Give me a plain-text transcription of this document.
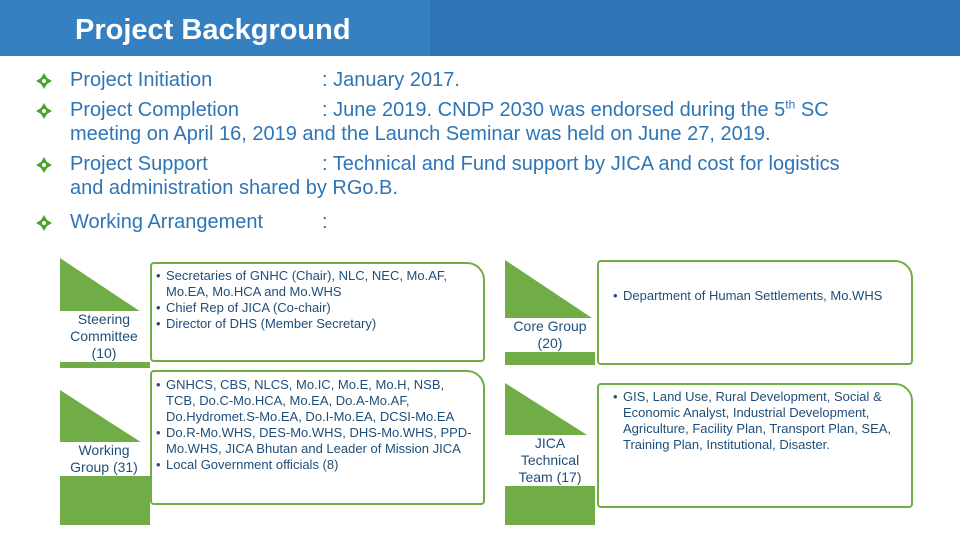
Project Background
Project Initiation	: January 2017.
Project Completion	: June 2019. CNDP 2030 was endorsed during the 5th SC
meeting on April 16, 2019 and the Launch Seminar was held on June 27, 2019.
Project Support	: Technical and Fund support by JICA and cost for logistics
and administration shared by RGo.B.
Working Arrangement	:
Steering
Committee
(10)
• Secretaries of GNHC (Chair), NLC, NEC, Mo.AF, Mo.EA, Mo.HCA and Mo.WHS
• Chief Rep of JICA (Co-chair)
• Director of DHS (Member Secretary)
Working
Group (31)
• GNHCS, CBS, NLCS, Mo.IC, Mo.E, Mo.H, NSB, TCB, Do.C-Mo.HCA, Mo.EA, Do.A-Mo.AF, Do.Hydromet.S-Mo.EA, Do.I-Mo.EA, DCSI-Mo.EA
• Do.R-Mo.WHS, DES-Mo.WHS, DHS-Mo.WHS, PPD-Mo.WHS, JICA Bhutan and Leader of Mission JICA
• Local Government officials (8)
Core Group
(20)
• Department of Human Settlements, Mo.WHS
JICA
Technical
Team (17)
• GIS, Land Use, Rural Development, Social & Economic Analyst, Industrial Development, Agriculture, Facility Plan, Transport Plan, SEA, Training Plan, Institutional, Disaster.
